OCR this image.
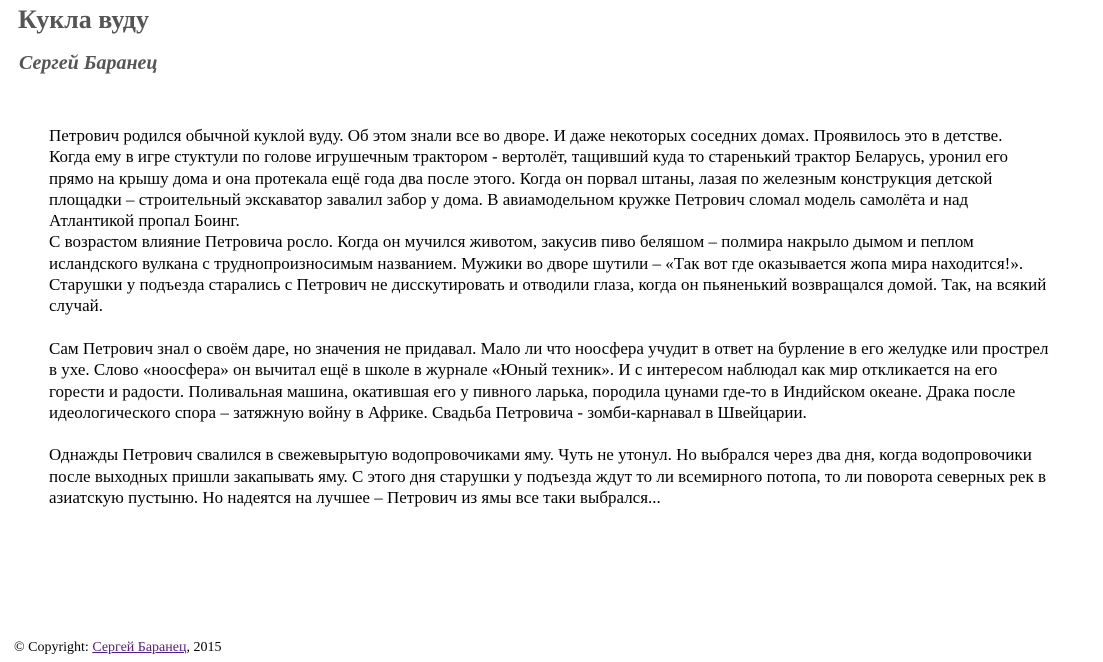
Кукла вуду
Сергей Баранец

Петрович родился обычной куклой вуду. Об этом знали все во дворе. И даже некоторых соседних домах. Проявилось это в детстве.

Когда ему в игре стуктули по голове игрушечным трактором - вертолёт, тащивший куда то старенький трактор Беларусь, уронил его прямо на крышу дома и она протекала ещё года два после этого. Когда он порвал штаны, лазая по железным конструкция детской площадки – строительный экскаватор завалил забор у дома. В авиамодельном кружке Петрович сломал модель самолёта и над Атлантикой пропал Боинг.

С возрастом влияние Петровича росло. Когда он мучился животом, закусив пиво беляшом – полмира накрыло дымом и пеплом исландского вулкана с труднопроизносимым названием. Мужики во дворе шутили – «Так вот где оказывается жопа мира находится!».

Старушки у подъезда старались с Петрович не дисскутировать и отводили глаза, когда он пьяненький возвращался домой. Так, на всякий случай.

Сам Петрович знал о своём даре, но значения не придавал. Мало ли что ноосфера учудит в ответ на бурление в его желудке или прострел в ухе. Слово «ноосфера» он вычитал ещё в школе в журнале «Юный техник». И с интересом наблюдал как мир откликается на его горести и радости. Поливальная машина, окатившая его у пивного ларька, породила цунами где-то в Индийском океане. Драка после идеологического спора – затяжную войну в Африке. Свадьба Петровича - зомби-карнавал в Швейцарии.

Однажды Петрович свалился в свежевырытую водопровочиками яму. Чуть не утонул. Но выбрался через два дня, когда водопровочики после выходных пришли закапывать яму. С этого дня старушки у подъезда ждут то ли всемирного потопа, то ли поворота северных рек в азиатскую пустыню. Но надеятся на лучшее – Петрович из ямы все таки выбрался...

© Copyright: Сергей Баранец, 2015
